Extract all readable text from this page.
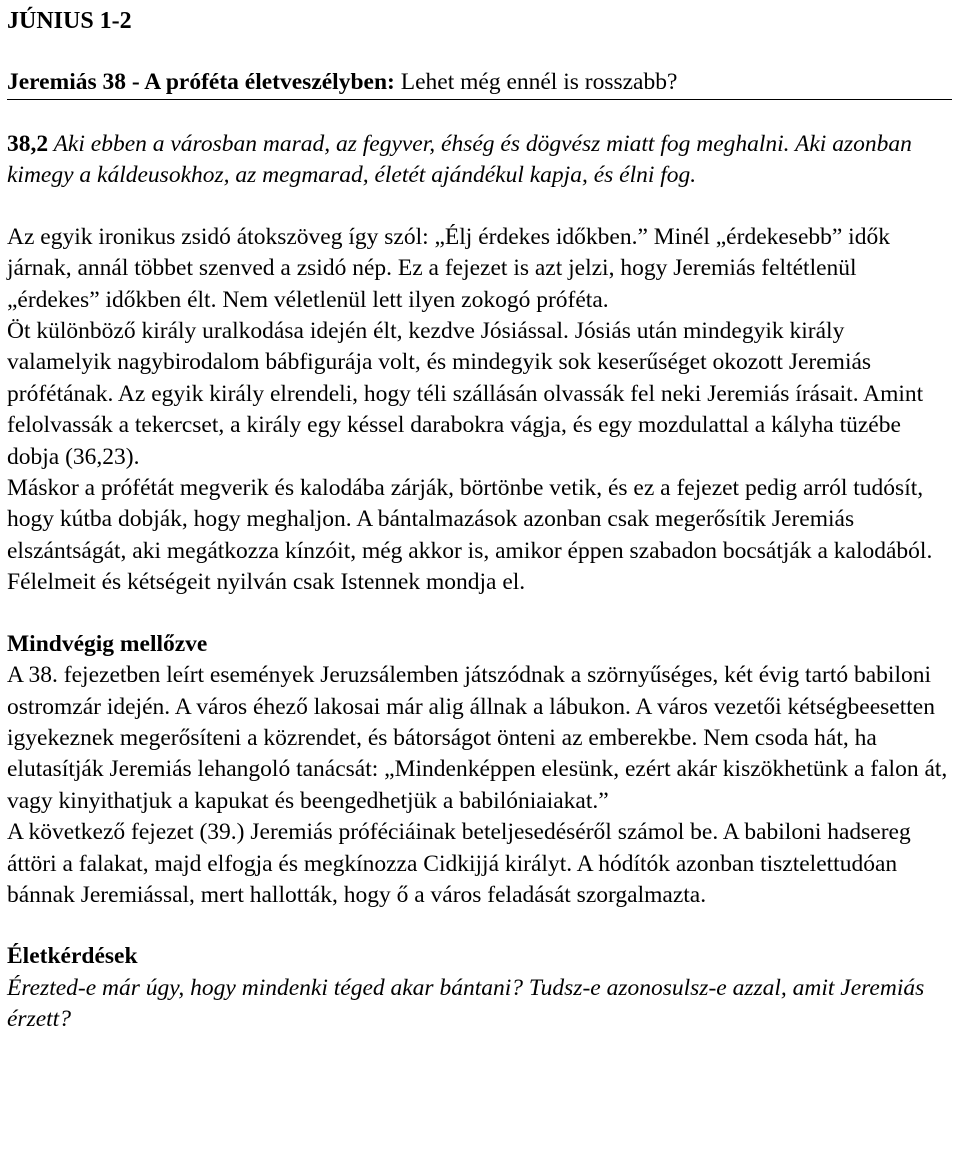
JÚNIUS 1-2
Jeremiás 38 - A próféta életveszélyben: Lehet még ennél is rosszabb?
38,2 Aki ebben a városban marad, az fegyver, éhség és dögvész miatt fog meghalni. Aki azonban kimegy a káldeusokhoz, az megmarad, életét ajándékul kapja, és élni fog.

Az egyik ironikus zsidó átokszöveg így szól: „Élj érdekes időkben.” Minél „érdekesebb” idők járnak, annál többet szenved a zsidó nép. Ez a fejezet is azt jelzi, hogy Jeremiás feltétlenül „érdekes” időkben élt. Nem véletlenül lett ilyen zokogó próféta.

Öt különböző király uralkodása idején élt, kezdve Jósiással. Jósiás után mindegyik király valamelyik nagybirodalom bábfigurája volt, és mindegyik sok keserűséget okozott Jeremiás prófétának. Az egyik király elrendeli, hogy téli szállásán olvassák fel neki Jeremiás írásait. Amint felolvassák a tekercset, a király egy késsel darabokra vágja, és egy mozdulattal a kályha tüzébe dobja (36,23).

Máskor a prófétát megverik és kalodába zárják, börtönbe vetik, és ez a fejezet pedig arról tudósít, hogy kútba dobják, hogy meghaljon. A bántalmazások azonban csak megerősítik Jeremiás elszántságát, aki megátkozza kínzóit, még akkor is, amikor éppen szabadon bocsátják a kalodából. Félelmeit és kétségeit nyilván csak Istennek mondja el.

Mindvégig mellőzve

A 38. fejezetben leírt események Jeruzsálemben játszódnak a szörnyűséges, két évig tartó babiloni ostromzár idején. A város éhező lakosai már alig állnak a lábukon. A város vezetői kétségbeesetten igyekeznek megerősíteni a közrendet, és bátorságot önteni az emberekbe. Nem csoda hát, ha elutasítják Jeremiás lehangoló tanácsát: „Mindenképpen elesünk, ezért akár kiszökhetünk a falon át, vagy kinyithatjuk a kapukat és beengedhetjük a babilóniaiakat.”

A következő fejezet (39.) Jeremiás próféciáinak beteljesedéséről számol be. A babiloni hadsereg áttöri a falakat, majd elfogja és megkínozza Cidkijjá királyt. A hódítók azonban tisztelettudóan bánnak Jeremiással, mert hallották, hogy ő a város feladását szorgalmazta.

Életkérdések

Érezted-e már úgy, hogy mindenki téged akar bántani? Tudsz-e azonosulsz-e azzal, amit Jeremiás érzett?
